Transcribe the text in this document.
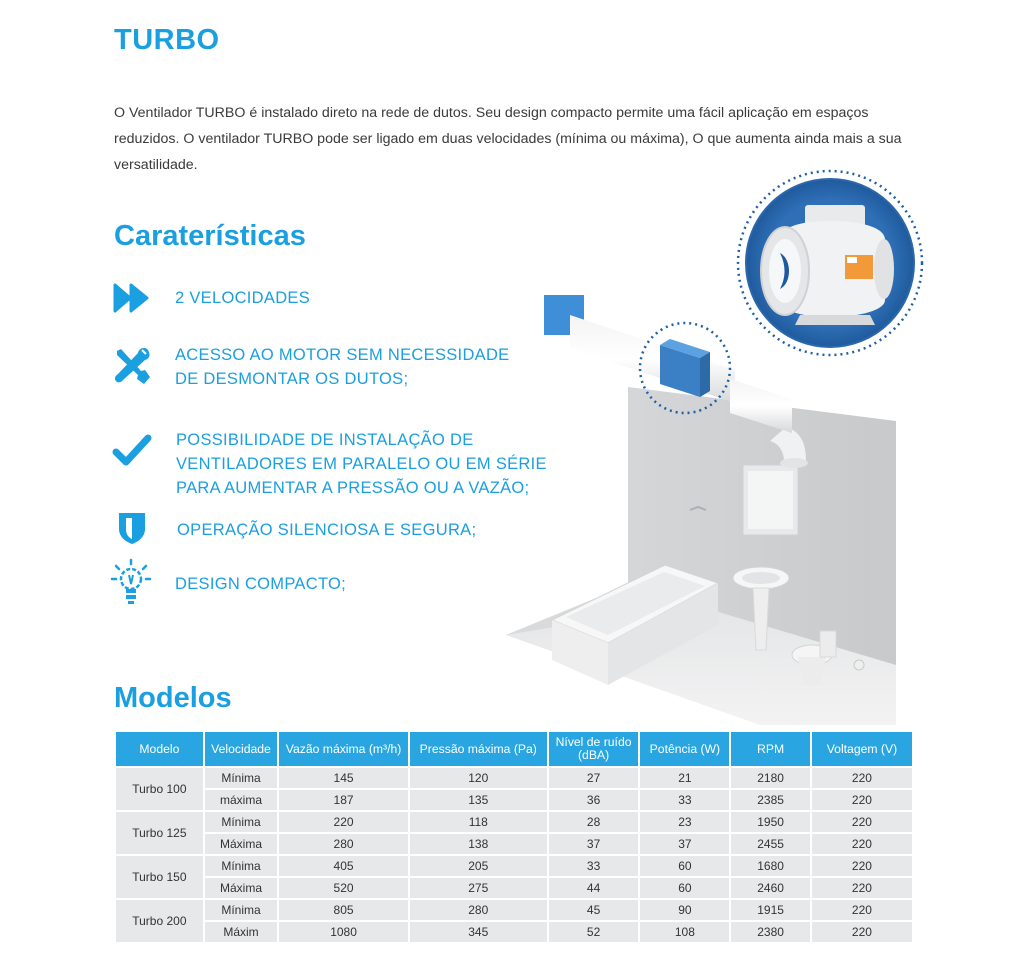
TURBO

O Ventilador TURBO é instalado direto na rede de dutos. Seu design compacto permite uma fácil aplicação em espaços reduzidos. O ventilador TURBO pode ser ligado em duas velocidades (mínima ou máxima), O que aumenta ainda mais a sua versatilidade.

Caraterísticas
2 VELOCIDADES
ACESSO AO MOTOR SEM NECESSIDADE
DE DESMONTAR OS DUTOS;
POSSIBILIDADE DE INSTALAÇÃO DE
VENTILADORES EM PARALELO OU EM SÉRIE
PARA AUMENTAR A PRESSÃO OU A VAZÃO;
OPERAÇÃO SILENCIOSA E SEGURA;
DESIGN COMPACTO;
Modelos
Modelo	Velocidade	Vazão máxima (m³/h)	Pressão máxima (Pa)	Nível de ruído (dBA)	Potência (W)	RPM	Voltagem (V)
Turbo 100	Mínima	145	120	27	21	2180	220
	máxima	187	135	36	33	2385	220
Turbo 125	Mínima	220	118	28	23	1950	220
	Máxima	280	138	37	37	2455	220
Turbo 150	Mínima	405	205	33	60	1680	220
	Máxima	520	275	44	60	2460	220
Turbo 200	Mínima	805	280	45	90	1915	220
	Máxim	1080	345	52	108	2380	220
